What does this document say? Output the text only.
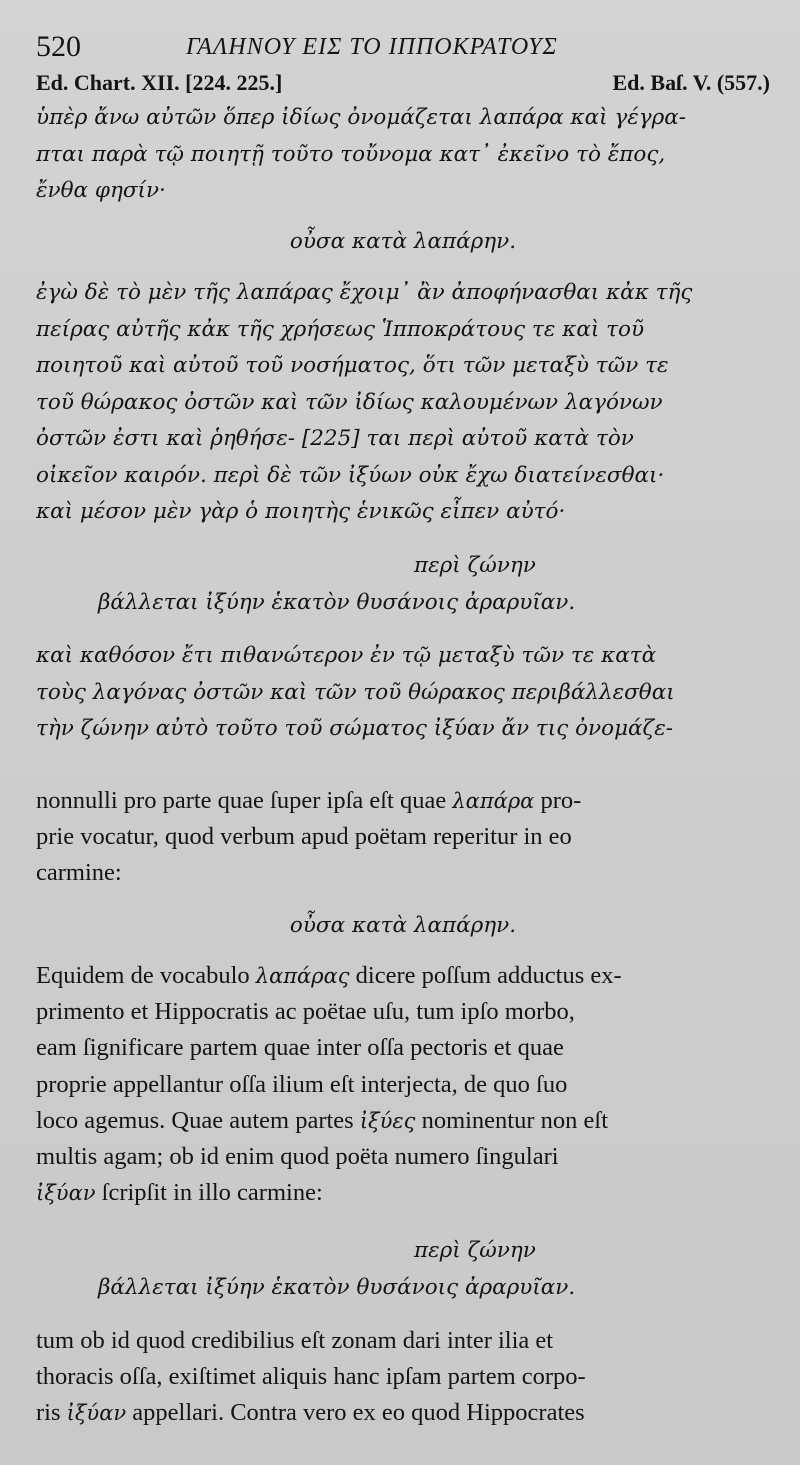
520	ΓΑΛΗΝΟΥ ΕΙΣ ΤΟ ΙΠΠΟΚΡΑΤΟΥΣ
Ed. Chart. XII. [224. 225.]	Ed. Baſ. V. (557.)
ὑπὲρ ἄνω αὐτῶν ὅπερ ἰδίως ὀνομάζεται λαπάρα καὶ γέγρα-
πται παρὰ τῷ ποιητῇ τοῦτο τοὔνομα κατ᾿ ἐκεῖνο τὸ ἔπος,
ἔνθα φησίν·
οὖσα κατὰ λαπάρην.
ἐγὼ δὲ τὸ μὲν τῆς λαπάρας ἔχοιμ᾿ ἂν ἀποφήνασθαι κἀκ τῆς
πείρας αὐτῆς κἀκ τῆς χρήσεως Ἱπποκράτους τε καὶ τοῦ
ποιητοῦ καὶ αὐτοῦ τοῦ νοσήματος, ὅτι τῶν μεταξὺ τῶν τε
τοῦ θώρακος ὀστῶν καὶ τῶν ἰδίως καλουμένων λαγόνων
ὀστῶν ἐστι καὶ ῥηθήσε- [225] ται περὶ αὐτοῦ κατὰ τὸν
οἰκεῖον καιρόν. περὶ δὲ τῶν ἰξύων οὐκ ἔχω διατείνεσθαι·
καὶ μέσον μὲν γὰρ ὁ ποιητὴς ἑνικῶς εἶπεν αὐτό·
περὶ ζώνην
βάλλεται ἰξύην ἑκατὸν θυσάνοις ἀραρυῖαν.
καὶ καθόσον ἔτι πιθανώτερον ἐν τῷ μεταξὺ τῶν τε κατὰ
τοὺς λαγόνας ὀστῶν καὶ τῶν τοῦ θώρακος περιβάλλεσθαι
τὴν ζώνην αὐτὸ τοῦτο τοῦ σώματος ἰξύαν ἄν τις ὀνομάζε-
nonnulli pro parte quae ſuper ipſa eſt quae λαπάρα pro-
prie vocatur, quod verbum apud poëtam reperitur in eo
carmine:
οὖσα κατὰ λαπάρην.
Equidem de vocabulo λαπάρας dicere poſſum adductus ex-
primento et Hippocratis ac poëtae uſu, tum ipſo morbo,
eam ſignificare partem quae inter oſſa pectoris et quae
proprie appellantur oſſa ilium eſt interjecta, de quo ſuo
loco agemus. Quae autem partes ἰξύες nominentur non eſt
multis agam; ob id enim quod poëta numero ſingulari
ἰξύαν ſcripſit in illo carmine:
περὶ ζώνην
βάλλεται ἰξύην ἑκατὸν θυσάνοις ἀραρυῖαν.
tum ob id quod credibilius eſt zonam dari inter ilia et
thoracis oſſa, exiſtimet aliquis hanc ipſam partem corpo-
ris ἰξύαν appellari. Contra vero ex eo quod Hippocrates
